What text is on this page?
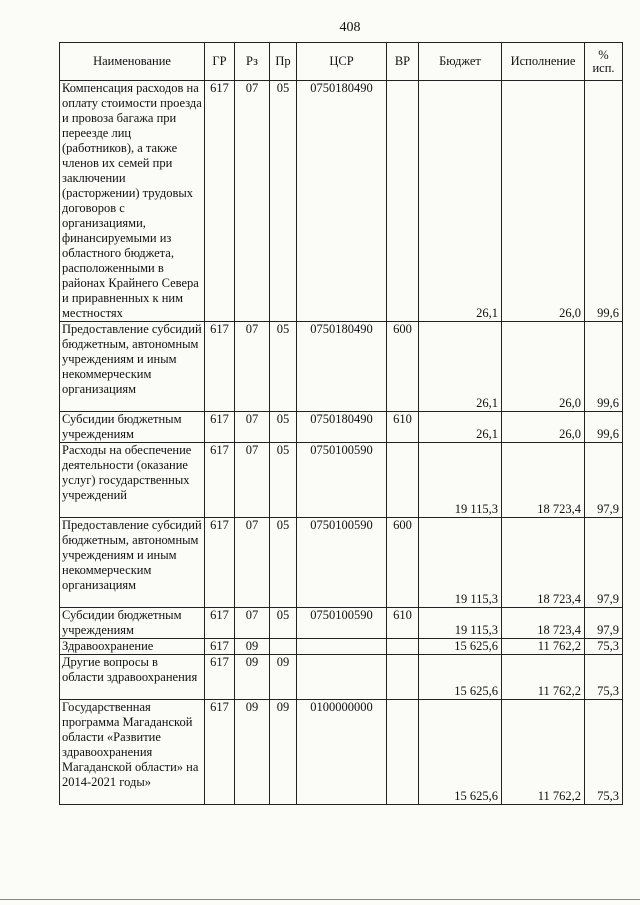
408
Наименование	ГР	Рз	Пр	ЦСР	ВР	Бюджет	Исполнение	%
исп.

Компенсация расходов на оплату стоимости проезда и провоза багажа при переезде лиц (работников), а также членов их семей при заключении (расторжении) трудовых договоров с организациями, финансируемыми из областного бюджета, расположенными в районах Крайнего Севера и приравненных к ним местностях	617	07	05	0750180490		26,1	26,0	99,6
Предоставление субсидий бюджетным, автономным учреждениям и иным некоммерческим организациям	617	07	05	0750180490	600	26,1	26,0	99,6
Субсидии бюджетным учреждениям	617	07	05	0750180490	610	26,1	26,0	99,6
Расходы на обеспечение деятельности (оказание услуг) государственных учреждений	617	07	05	0750100590		19 115,3	18 723,4	97,9
Предоставление субсидий бюджетным, автономным учреждениям и иным некоммерческим организациям	617	07	05	0750100590	600	19 115,3	18 723,4	97,9
Субсидии бюджетным учреждениям	617	07	05	0750100590	610	19 115,3	18 723,4	97,9
Здравоохранение	617	09				15 625,6	11 762,2	75,3
Другие вопросы в области здравоохранения	617	09	09			15 625,6	11 762,2	75,3
Государственная программа Магаданской области «Развитие здравоохранения Магаданской области» на 2014-2021 годы»	617	09	09	0100000000		15 625,6	11 762,2	75,3
